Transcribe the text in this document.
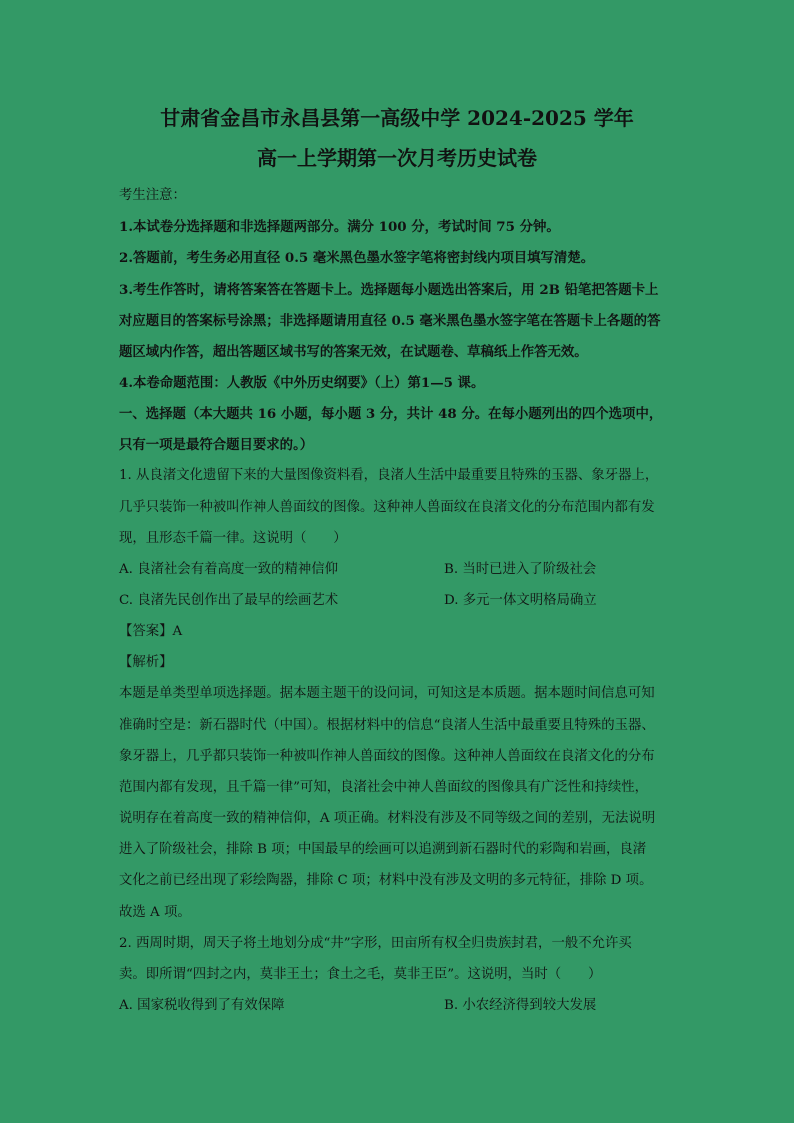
甘肃省金昌市永昌县第一高级中学 2024-2025 学年
高一上学期第一次月考历史试卷
考生注意：
1.本试卷分选择题和非选择题两部分。满分 100 分，考试时间 75 分钟。
2.答题前，考生务必用直径 0.5 毫米黑色墨水签字笔将密封线内项目填写清楚。
3.考生作答时，请将答案答在答题卡上。选择题每小题选出答案后，用 2B 铅笔把答题卡上
对应题目的答案标号涂黑；非选择题请用直径 0.5 毫米黑色墨水签字笔在答题卡上各题的答
题区域内作答，超出答题区域书写的答案无效，在试题卷、草稿纸上作答无效。
4.本卷命题范围：人教版《中外历史纲要》（上）第1—5 课。
一、选择题（本大题共 16 小题，每小题 3 分，共计 48 分。在每小题列出的四个选项中，
只有一项是最符合题目要求的。）
1. 从良渚文化遗留下来的大量图像资料看，良渚人生活中最重要且特殊的玉器、象牙器上，
几乎只装饰一种被叫作神人兽面纹的图像。这种神人兽面纹在良渚文化的分布范围内都有发
现，且形态千篇一律。这说明（　　）
A. 良渚社会有着高度一致的精神信仰	B. 当时已进入了阶级社会
C. 良渚先民创作出了最早的绘画艺术	D. 多元一体文明格局确立
【答案】A
【解析】
本题是单类型单项选择题。据本题主题干的设问词，可知这是本质题。据本题时间信息可知
准确时空是：新石器时代（中国）。根据材料中的信息“良渚人生活中最重要且特殊的玉器、
象牙器上，几乎都只装饰一种被叫作神人兽面纹的图像。这种神人兽面纹在良渚文化的分布
范围内都有发现，且千篇一律”可知，良渚社会中神人兽面纹的图像具有广泛性和持续性，
说明存在着高度一致的精神信仰，A 项正确。材料没有涉及不同等级之间的差别，无法说明
进入了阶级社会，排除 B 项；中国最早的绘画可以追溯到新石器时代的彩陶和岩画，良渚
文化之前已经出现了彩绘陶器，排除 C 项；材料中没有涉及文明的多元特征，排除 D 项。
故选 A 项。
2. 西周时期，周天子将土地划分成“井”字形，田亩所有权全归贵族封君，一般不允许买
卖。即所谓“四封之内，莫非王土；食土之毛，莫非王臣”。这说明，当时（　　）
A. 国家税收得到了有效保障	B. 小农经济得到较大发展
